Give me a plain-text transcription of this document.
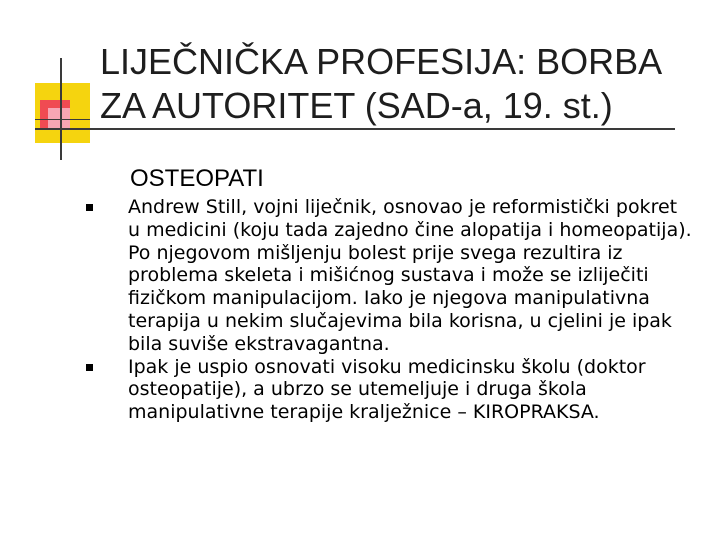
LIJEČNIČKA PROFESIJA: BORBA ZA AUTORITET (SAD-a, 19. st.)
OSTEOPATI
Andrew Still, vojni liječnik, osnovao je reformistički pokret u medicini (koju tada zajedno čine alopatija i homeopatija). Po njegovom mišljenju bolest prije svega rezultira iz problema skeleta i mišićnog sustava i može se izliječiti fizičkom manipulacijom. Iako je njegova manipulativna terapija u nekim slučajevima bila korisna, u cjelini je ipak bila suviše ekstravagantna.
Ipak je uspio osnovati visoku medicinsku školu (doktor osteopatije), a ubrzo se utemeljuje i druga škola manipulativne terapije kralježnice – KIROPRAKSA.
